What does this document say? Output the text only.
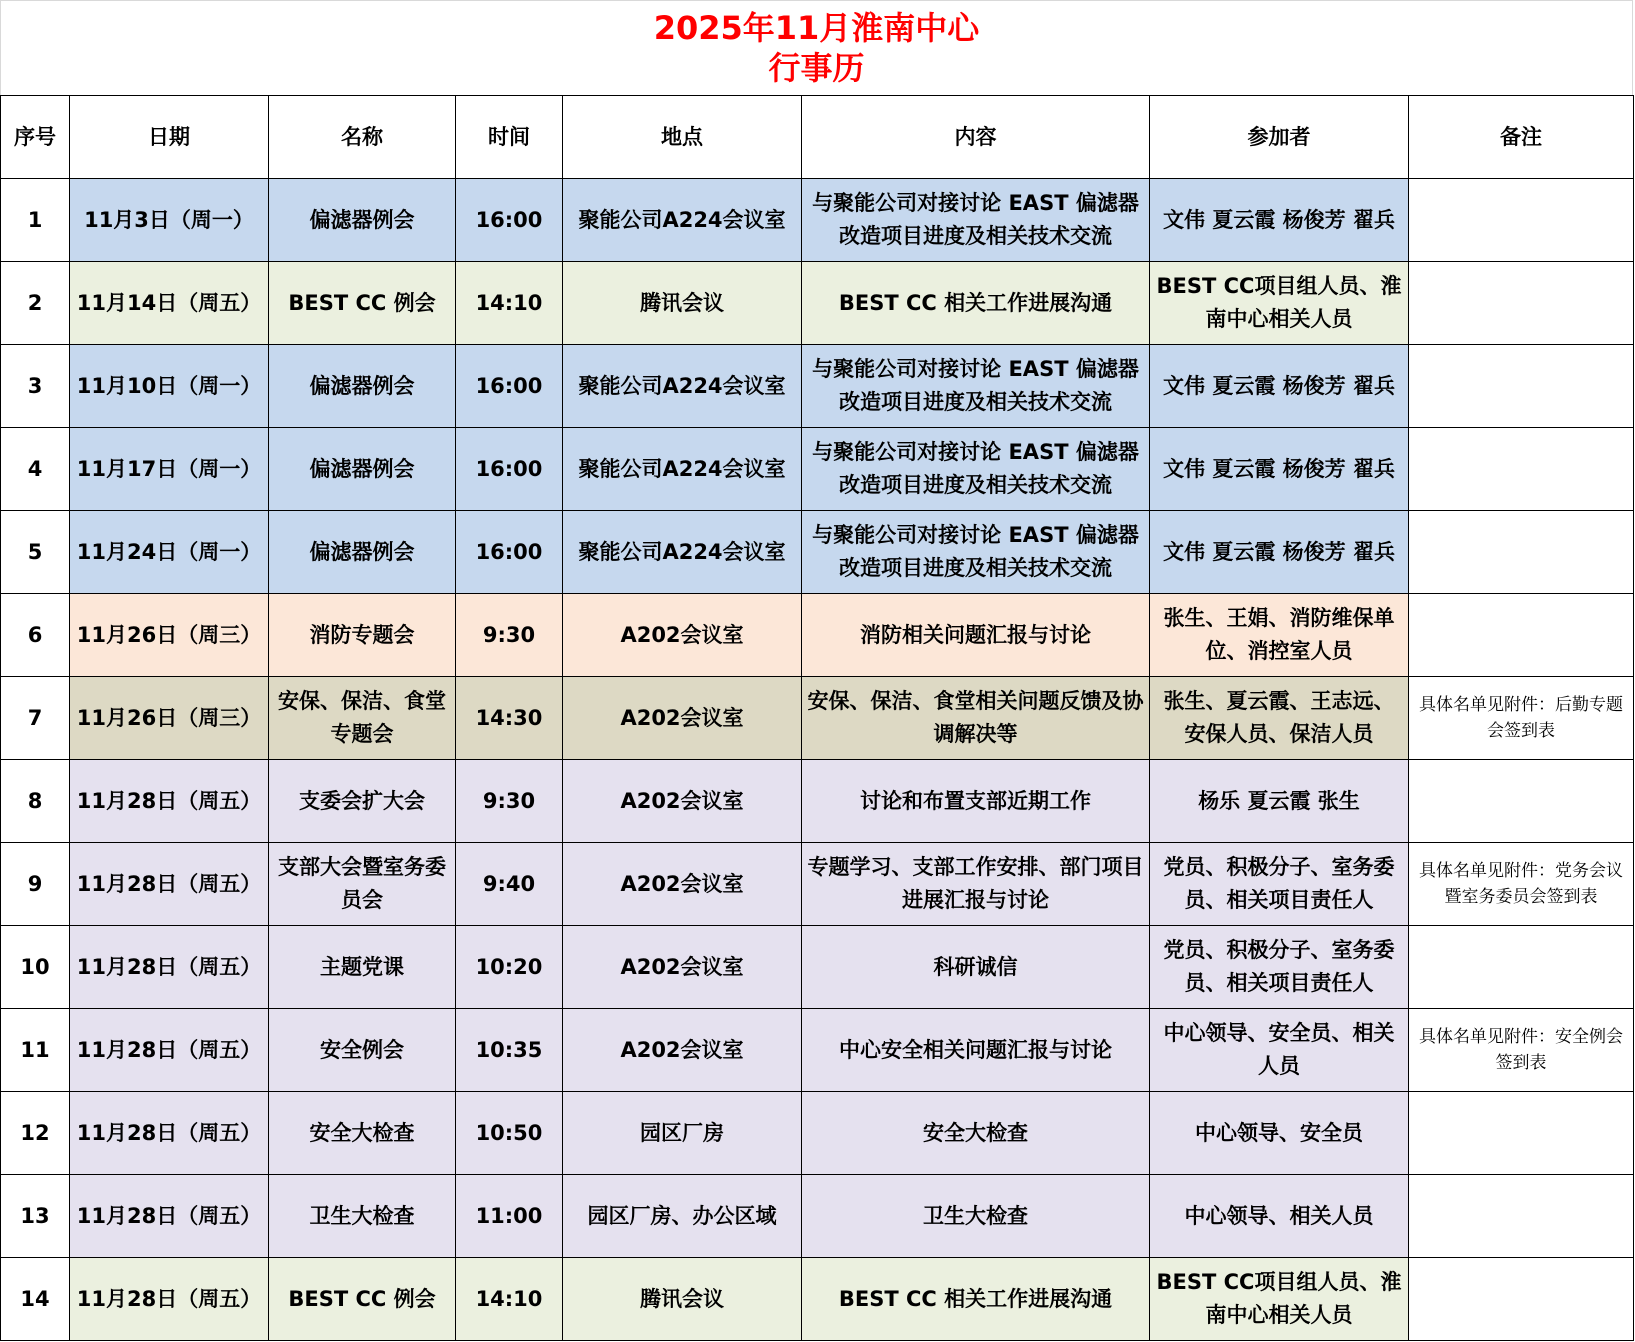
2025年11月淮南中心
行事历
序号	日期	名称	时间	地点	内容	参加者	备注
1	11月3日（周一）	偏滤器例会	16:00	聚能公司A224会议室	与聚能公司对接讨论 EAST 偏滤器改造项目进度及相关技术交流	文伟 夏云霞 杨俊芳 翟兵	
2	11月14日（周五）	BEST CC 例会	14:10	腾讯会议	BEST CC 相关工作进展沟通	BEST CC项目组人员、淮南中心相关人员	
3	11月10日（周一）	偏滤器例会	16:00	聚能公司A224会议室	与聚能公司对接讨论 EAST 偏滤器改造项目进度及相关技术交流	文伟 夏云霞 杨俊芳 翟兵	
4	11月17日（周一）	偏滤器例会	16:00	聚能公司A224会议室	与聚能公司对接讨论 EAST 偏滤器改造项目进度及相关技术交流	文伟 夏云霞 杨俊芳 翟兵	
5	11月24日（周一）	偏滤器例会	16:00	聚能公司A224会议室	与聚能公司对接讨论 EAST 偏滤器改造项目进度及相关技术交流	文伟 夏云霞 杨俊芳 翟兵	
6	11月26日（周三）	消防专题会	9:30	A202会议室	消防相关问题汇报与讨论	张生、王娟、消防维保单位、消控室人员	
7	11月26日（周三）	安保、保洁、食堂专题会	14:30	A202会议室	安保、保洁、食堂相关问题反馈及协调解决等	张生、夏云霞、王志远、安保人员、保洁人员	具体名单见附件：后勤专题会签到表
8	11月28日（周五）	支委会扩大会	9:30	A202会议室	讨论和布置支部近期工作	杨乐 夏云霞 张生	
9	11月28日（周五）	支部大会暨室务委员会	9:40	A202会议室	专题学习、支部工作安排、部门项目进展汇报与讨论	党员、积极分子、室务委员、相关项目责任人	具体名单见附件：党务会议暨室务委员会签到表
10	11月28日（周五）	主题党课	10:20	A202会议室	科研诚信	党员、积极分子、室务委员、相关项目责任人	
11	11月28日（周五）	安全例会	10:35	A202会议室	中心安全相关问题汇报与讨论	中心领导、安全员、相关人员	具体名单见附件：安全例会签到表
12	11月28日（周五）	安全大检查	10:50	园区厂房	安全大检查	中心领导、安全员	
13	11月28日（周五）	卫生大检查	11:00	园区厂房、办公区域	卫生大检查	中心领导、相关人员	
14	11月28日（周五）	BEST CC 例会	14:10	腾讯会议	BEST CC 相关工作进展沟通	BEST CC项目组人员、淮南中心相关人员	
